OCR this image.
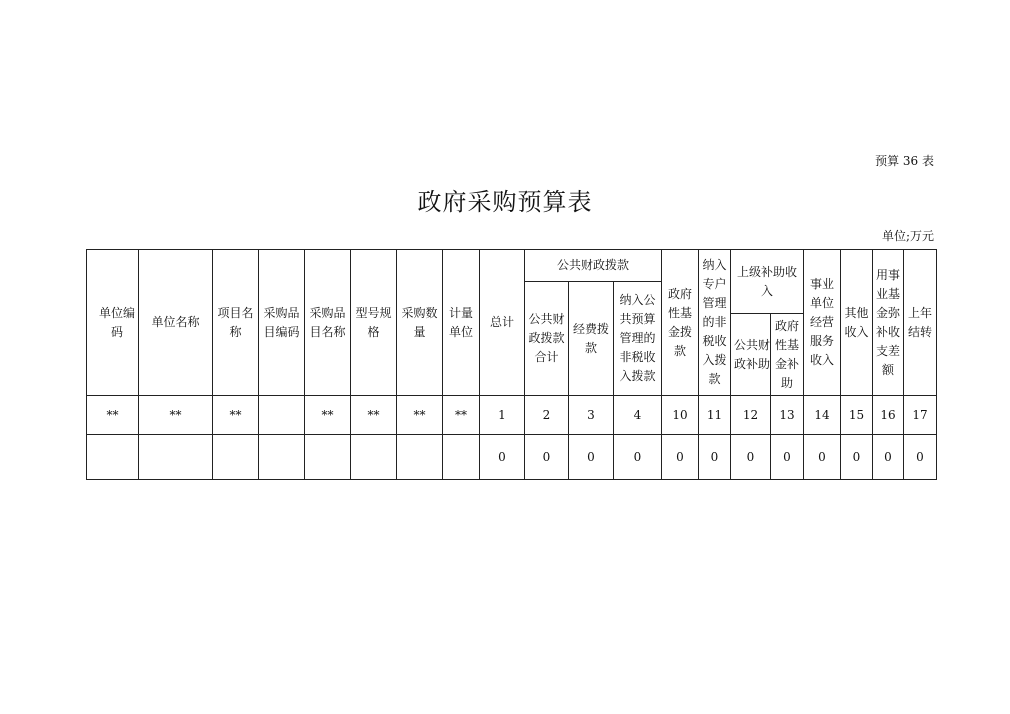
预算 36 表
政府采购预算表
单位;万元
单位编码	单位名称	项目名称	采购品目编码	采购品目名称	型号规格	采购数量	计量单位	总计	公共财政拨款			政府性基金拨款	纳入专户管理的非税收入拨款	上级补助收入		事业单位经营服务收入	其他收入	用事业基金弥补收支差额	上年结转

									公共财政拨款合计	经费拨款	纳入公共预算管理的非税收入拨款								

														公共财政补助	政府性基金补助				

**	**	**		**	**	**	**	1	2	3	4	10	11	12	13	14	15	16	17
								0	0	0	0	0	0	0	0	0	0	0	0
